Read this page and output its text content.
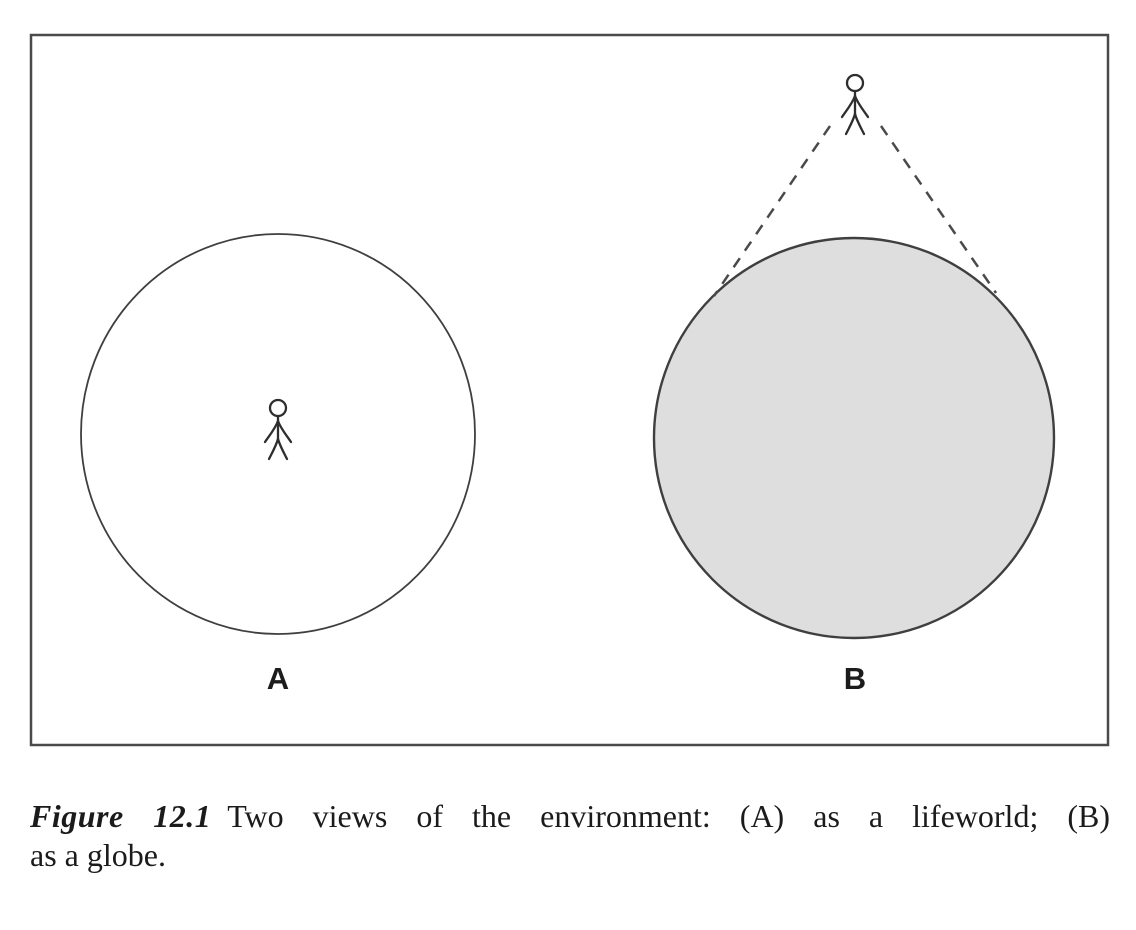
A	B
Figure 12.1 Two views of the environment: (A) as a lifeworld; (B)
as a globe.
